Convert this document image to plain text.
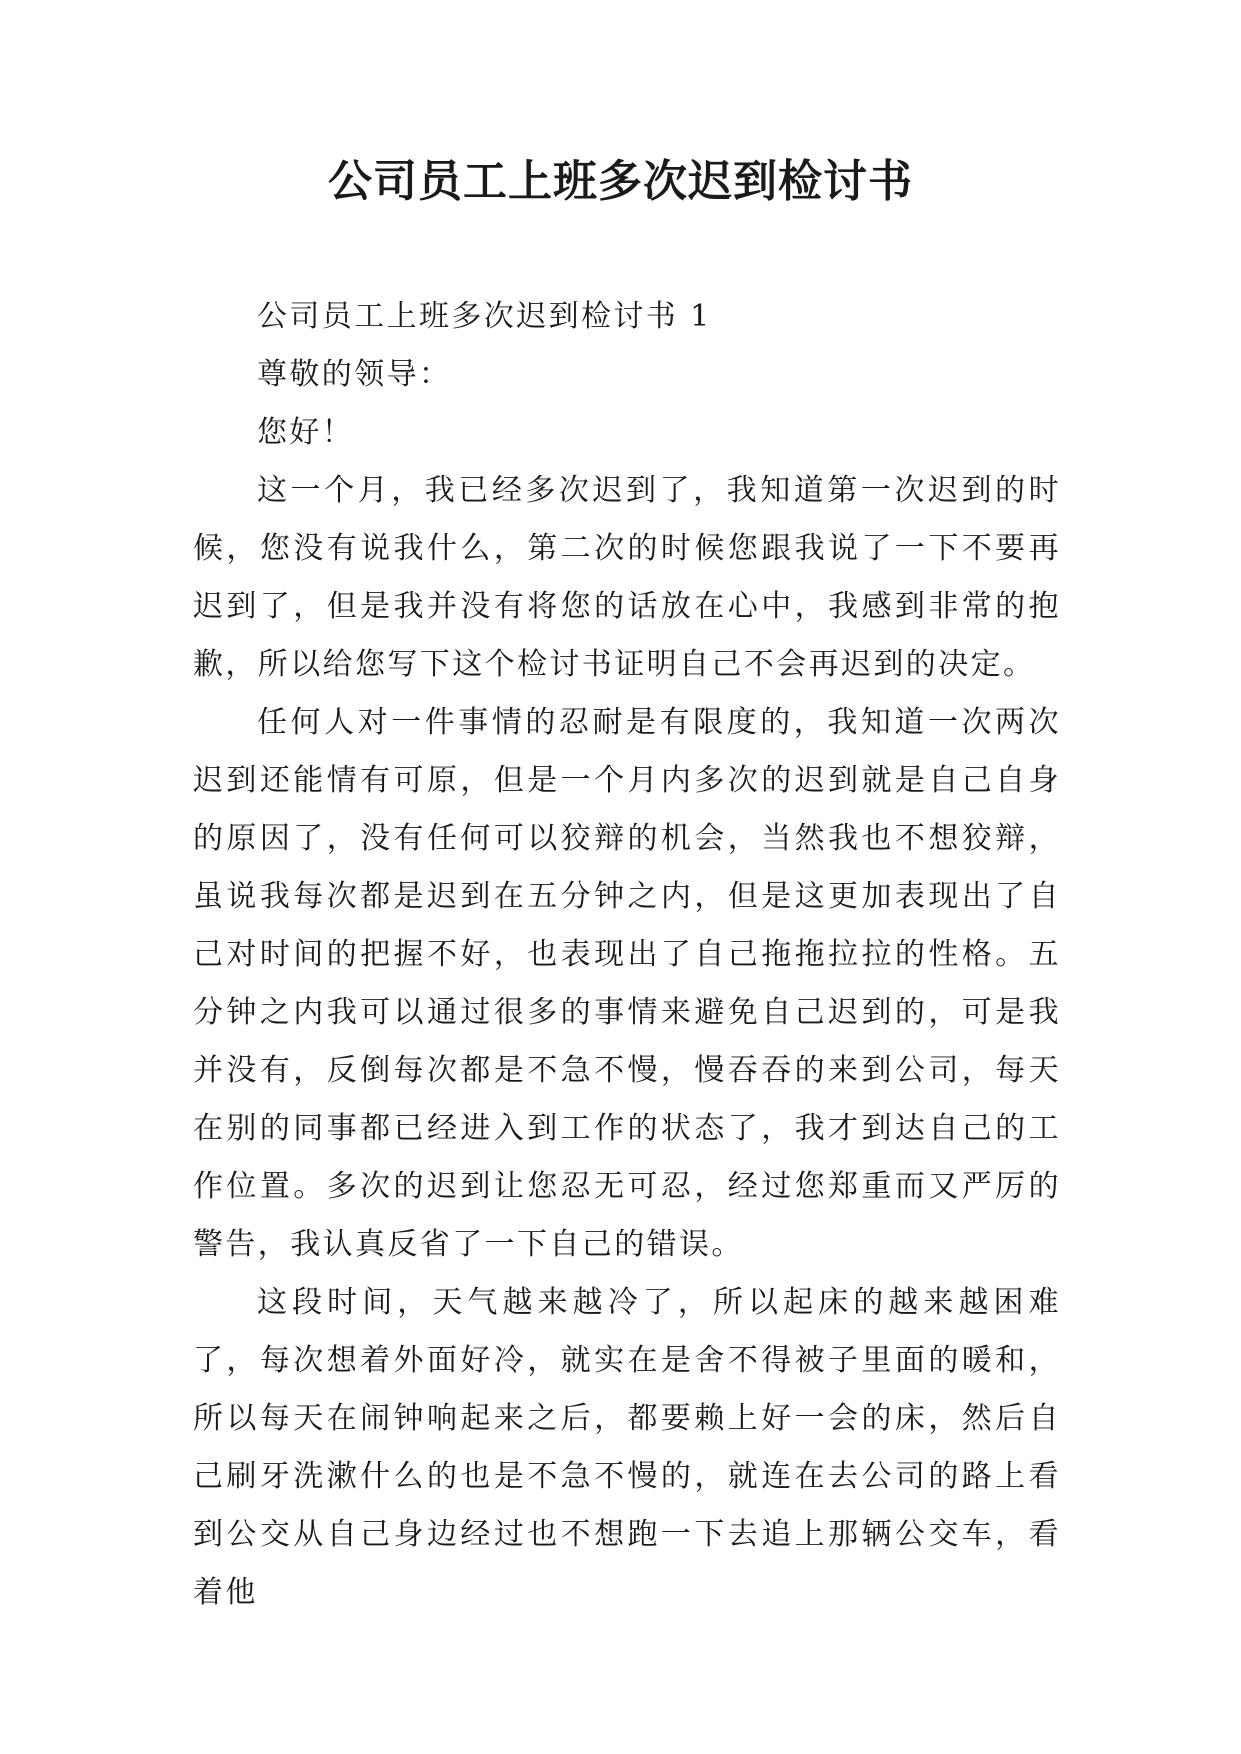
公司员工上班多次迟到检讨书

公司员工上班多次迟到检讨书 1

尊敬的领导：

您好！

这一个月，我已经多次迟到了，我知道第一次迟到的时候，您没有说我什么，第二次的时候您跟我说了一下不要再迟到了，但是我并没有将您的话放在心中，我感到非常的抱歉，所以给您写下这个检讨书证明自己不会再迟到的决定。

任何人对一件事情的忍耐是有限度的，我知道一次两次迟到还能情有可原，但是一个月内多次的迟到就是自己自身的原因了，没有任何可以狡辩的机会，当然我也不想狡辩，虽说我每次都是迟到在五分钟之内，但是这更加表现出了自己对时间的把握不好，也表现出了自己拖拖拉拉的性格。五分钟之内我可以通过很多的事情来避免自己迟到的，可是我并没有，反倒每次都是不急不慢，慢吞吞的来到公司，每天在别的同事都已经进入到工作的状态了，我才到达自己的工作位置。多次的迟到让您忍无可忍，经过您郑重而又严厉的警告，我认真反省了一下自己的错误。

这段时间，天气越来越冷了，所以起床的越来越困难了，每次想着外面好冷，就实在是舍不得被子里面的暖和，所以每天在闹钟响起来之后，都要赖上好一会的床，然后自己刷牙洗漱什么的也是不急不慢的，就连在去公司的路上看到公交从自己身边经过也不想跑一下去追上那辆公交车，看着他
